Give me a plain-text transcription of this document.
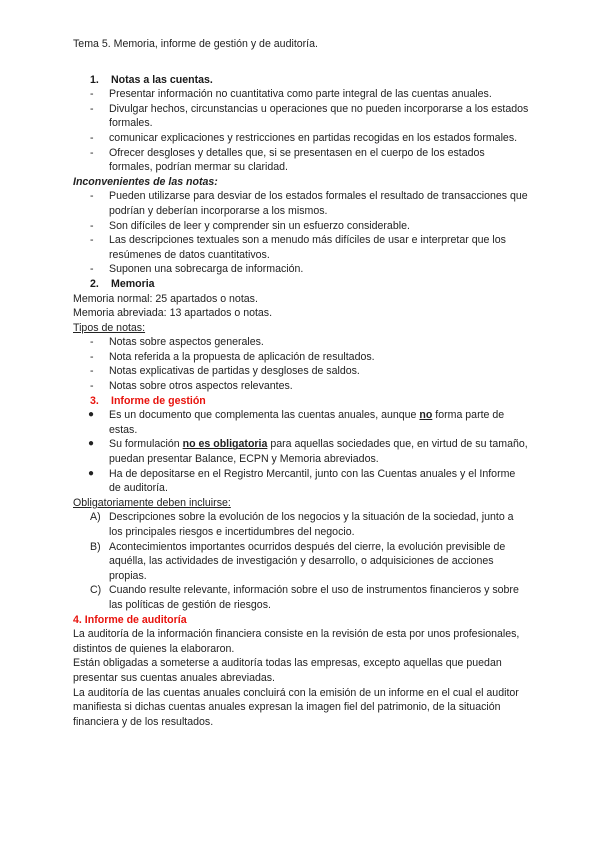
Tema 5. Memoria, informe de gestión y de auditoría.

1.	Notas a las cuentas.
- Presentar información no cuantitativa como parte integral de las cuentas anuales.
- Divulgar hechos, circunstancias u operaciones que no pueden incorporarse a los estados formales.
- comunicar explicaciones y restricciones en partidas recogidas en los estados formales.
- Ofrecer desgloses y detalles que, si se presentasen en el cuerpo de los estados formales, podrían mermar su claridad.

Inconvenientes de las notas:

- Pueden utilizarse para desviar de los estados formales el resultado de transacciones que podrían y deberían incorporarse a los mismos.
- Son difíciles de leer y comprender sin un esfuerzo considerable.
- Las descripciones textuales son a menudo más difíciles de usar e interpretar que los resúmenes de datos cuantitativos.
- Suponen una sobrecarga de información.
2.	Memoria

Memoria normal: 25 apartados o notas.

Memoria abreviada: 13 apartados o notas.

Tipos de notas:

- Notas sobre aspectos generales.
- Nota referida a la propuesta de aplicación de resultados.
- Notas explicativas de partidas y desgloses de saldos.
- Notas sobre otros aspectos relevantes.
3.	Informe de gestión
● Es un documento que complementa las cuentas anuales, aunque no forma parte de estas.
● Su formulación no es obligatoria para aquellas sociedades que, en virtud de su tamaño, puedan presentar Balance, ECPN y Memoria abreviados.
● Ha de depositarse en el Registro Mercantil, junto con las Cuentas anuales y el Informe de auditoría.

Obligatoriamente deben incluirse:

A) Descripciones sobre la evolución de los negocios y la situación de la sociedad, junto a los principales riesgos e incertidumbres del negocio.
B) Acontecimientos importantes ocurridos después del cierre, la evolución previsible de aquélla, las actividades de investigación y desarrollo, o adquisiciones de acciones propias.
C) Cuando resulte relevante, información sobre el uso de instrumentos financieros y sobre las políticas de gestión de riesgos.

4. Informe de auditoría

La auditoría de la información financiera consiste en la revisión de esta por unos profesionales, distintos de quienes la elaboraron.

Están obligadas a someterse a auditoría todas las empresas, excepto aquellas que puedan presentar sus cuentas anuales abreviadas.

La auditoría de las cuentas anuales concluirá con la emisión de un informe en el cual el auditor manifiesta si dichas cuentas anuales expresan la imagen fiel del patrimonio, de la situación financiera y de los resultados.
